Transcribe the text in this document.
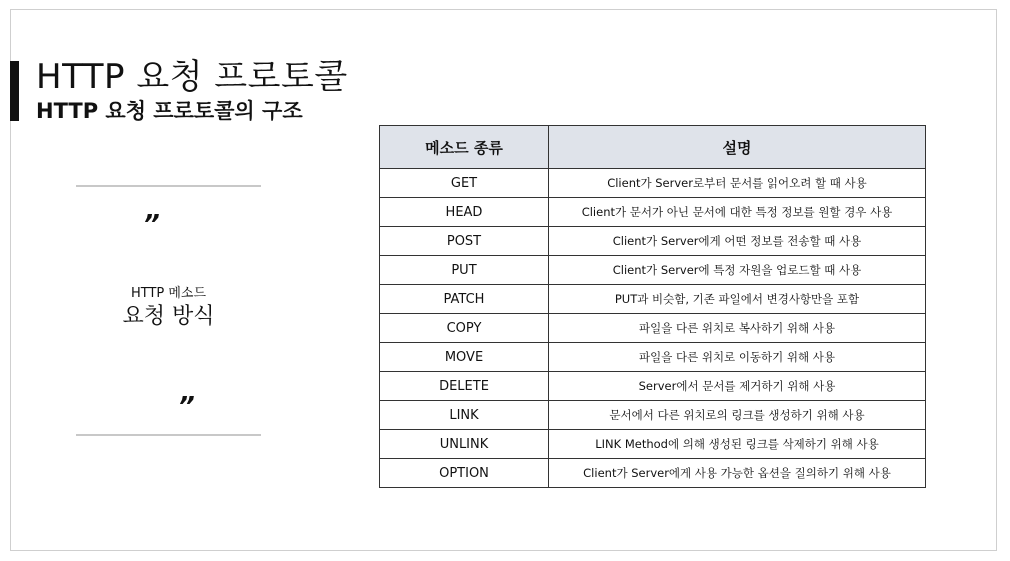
HTTP 요청 프로토콜
HTTP 요청 프로토콜의 구조
”
HTTP 메소드
요청 방식
”
메소드 종류	설명
GET	Client가 Server로부터 문서를 읽어오려 할 때 사용
HEAD	Client가 문서가 아닌 문서에 대한 특정 정보를 원할 경우 사용
POST	Client가 Server에게 어떤 정보를 전송할 때 사용
PUT	Client가 Server에 특정 자원을 업로드할 때 사용
PATCH	PUT과 비슷함, 기존 파일에서 변경사항만을 포함
COPY	파일을 다른 위치로 복사하기 위해 사용
MOVE	파일을 다른 위치로 이동하기 위해 사용
DELETE	Server에서 문서를 제거하기 위해 사용
LINK	문서에서 다른 위치로의 링크를 생성하기 위해 사용
UNLINK	LINK Method에 의해 생성된 링크를 삭제하기 위해 사용
OPTION	Client가 Server에게 사용 가능한 옵션을 질의하기 위해 사용
